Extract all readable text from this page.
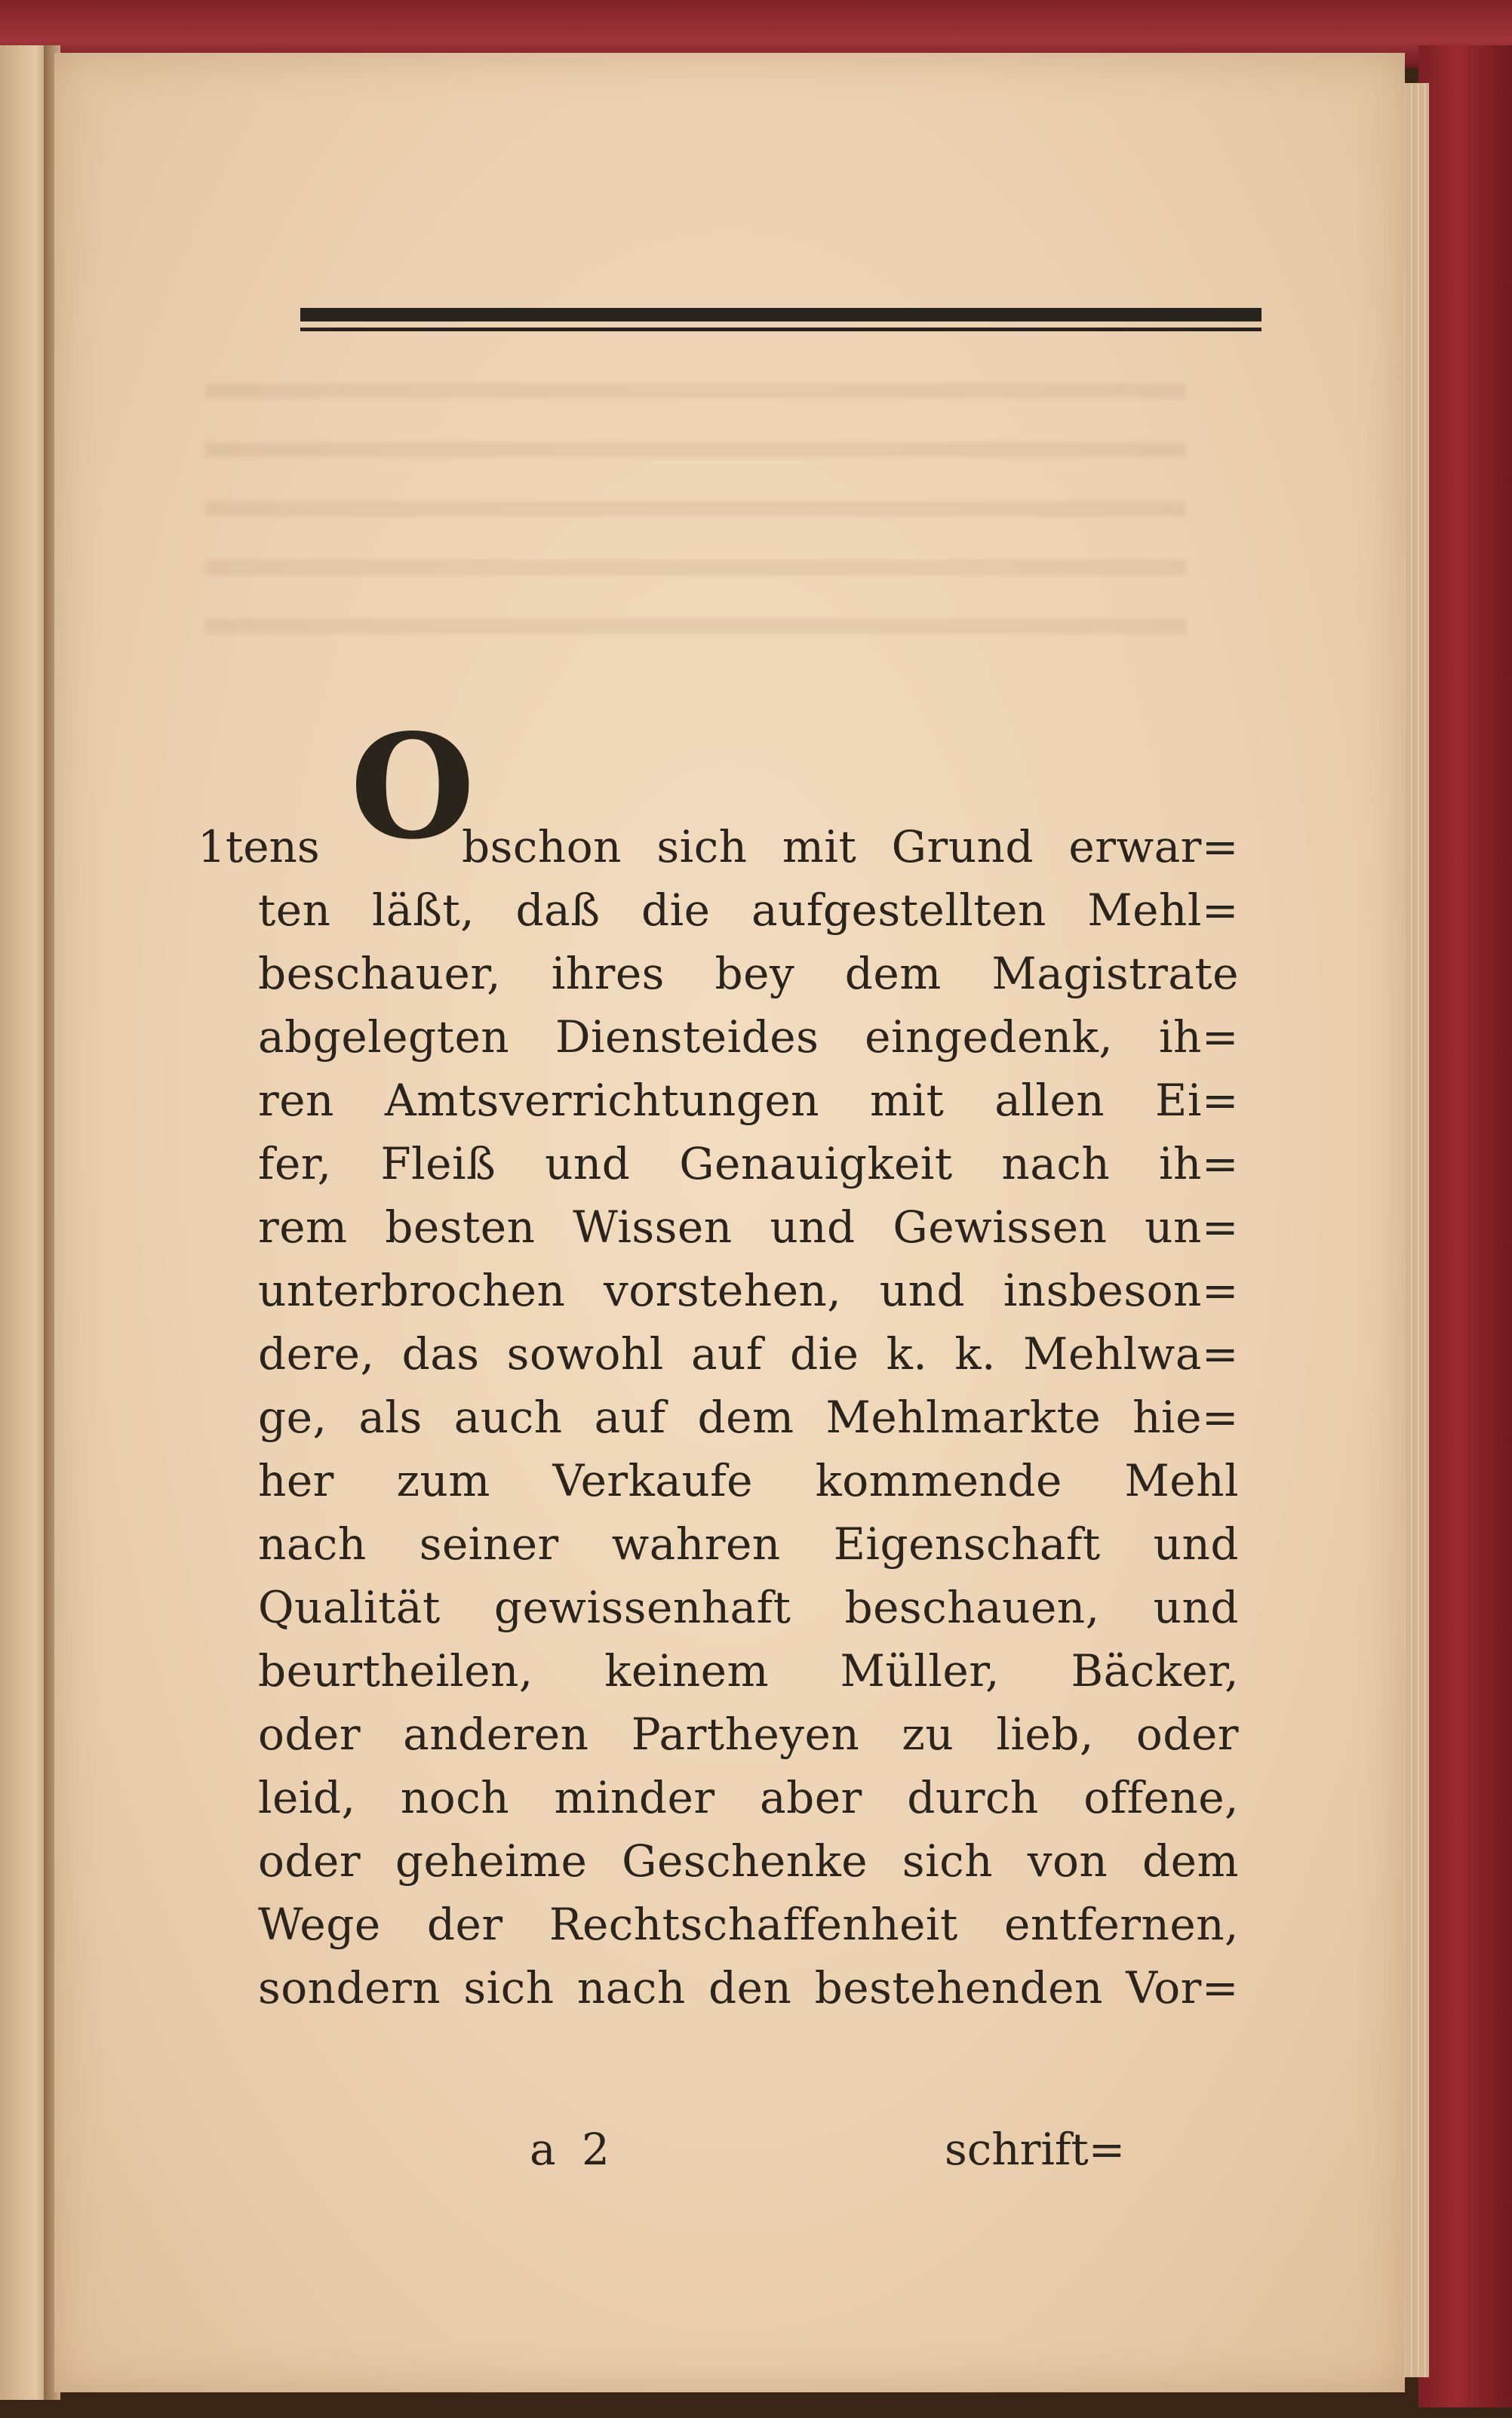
1tens O
bschon sich mit Grund erwar=
ten läßt, daß die aufgestellten Mehl=
beschauer, ihres bey dem Magistrate
abgelegten Diensteides eingedenk, ih=
ren Amtsverrichtungen mit allen Ei=
fer, Fleiß und Genauigkeit nach ih=
rem besten Wissen und Gewissen un=
unterbrochen vorstehen, und insbeson=
dere, das sowohl auf die k. k. Mehlwa=
ge, als auch auf dem Mehlmarkte hie=
her zum Verkaufe kommende Mehl
nach seiner wahren Eigenschaft und
Qualität gewissenhaft beschauen, und
beurtheilen, keinem Müller, Bäcker,
oder anderen Partheyen zu lieb, oder
leid, noch minder aber durch offene,
oder geheime Geschenke sich von dem
Wege der Rechtschaffenheit entfernen,
sondern sich nach den bestehenden Vor=
a 2	schrift=
